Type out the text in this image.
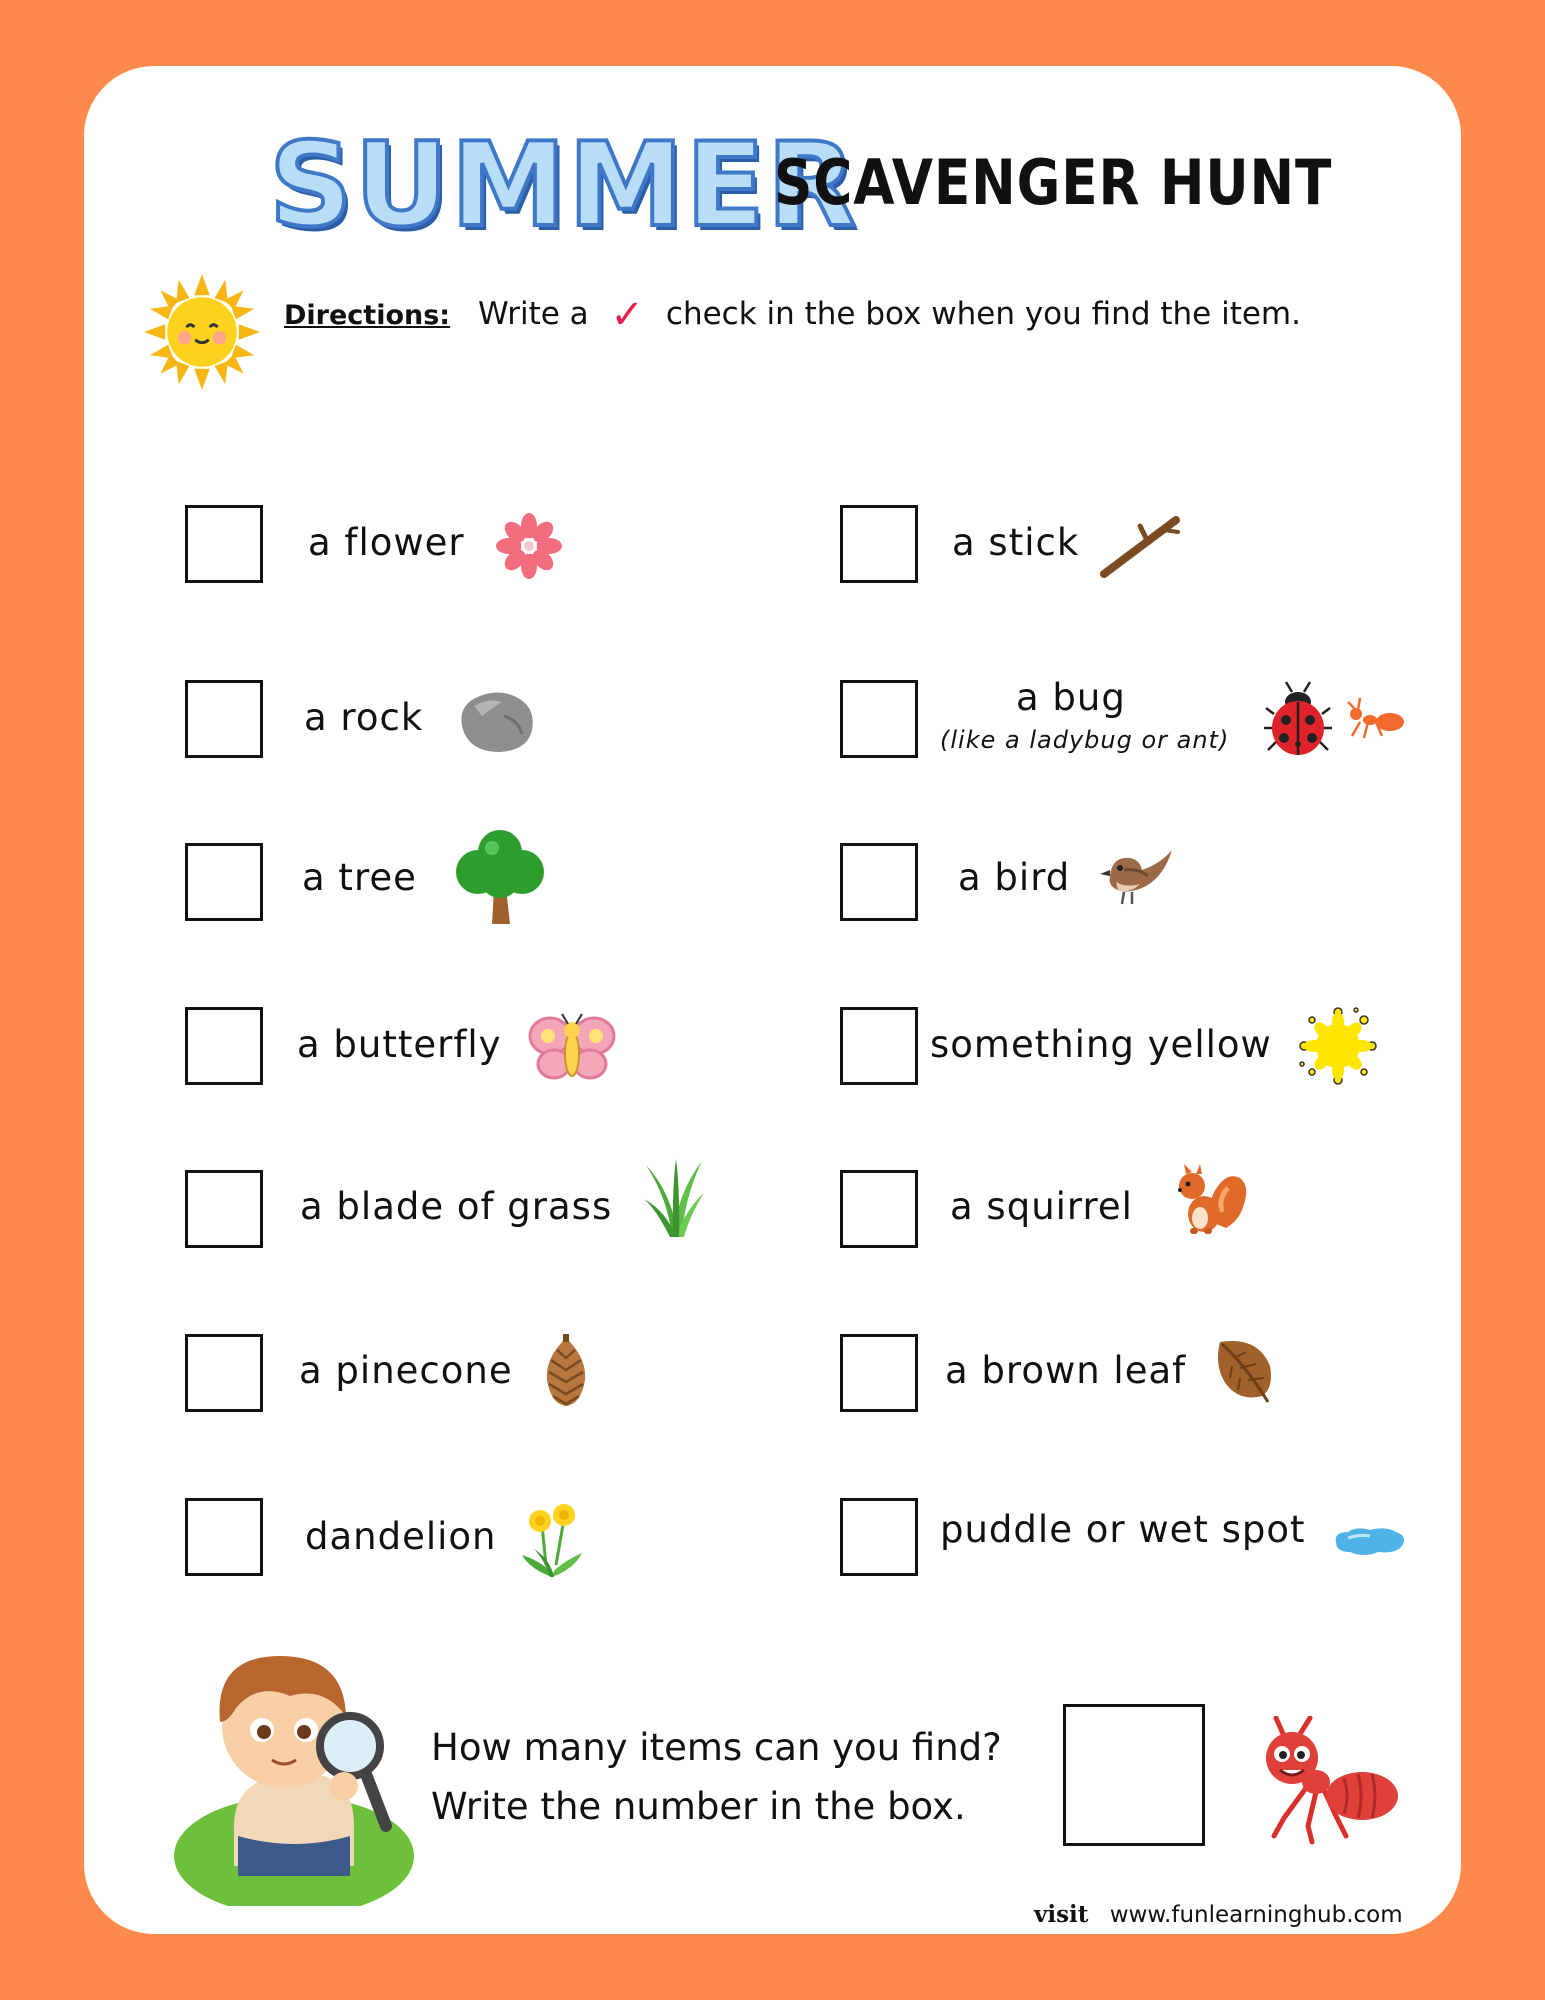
SUMMER
SCAVENGER HUNT
Directions: Write a ✓ check in the box when you find the item.
a flower
a rock
a tree
a butterfly
a blade of grass
a pinecone
dandelion
a stick
a bug
(like a ladybug or ant)
a bird
something yellow
a squirrel
a brown leaf
puddle or wet spot
How many items can you find?
Write the number in the box.
visit www.funlearninghub.com
